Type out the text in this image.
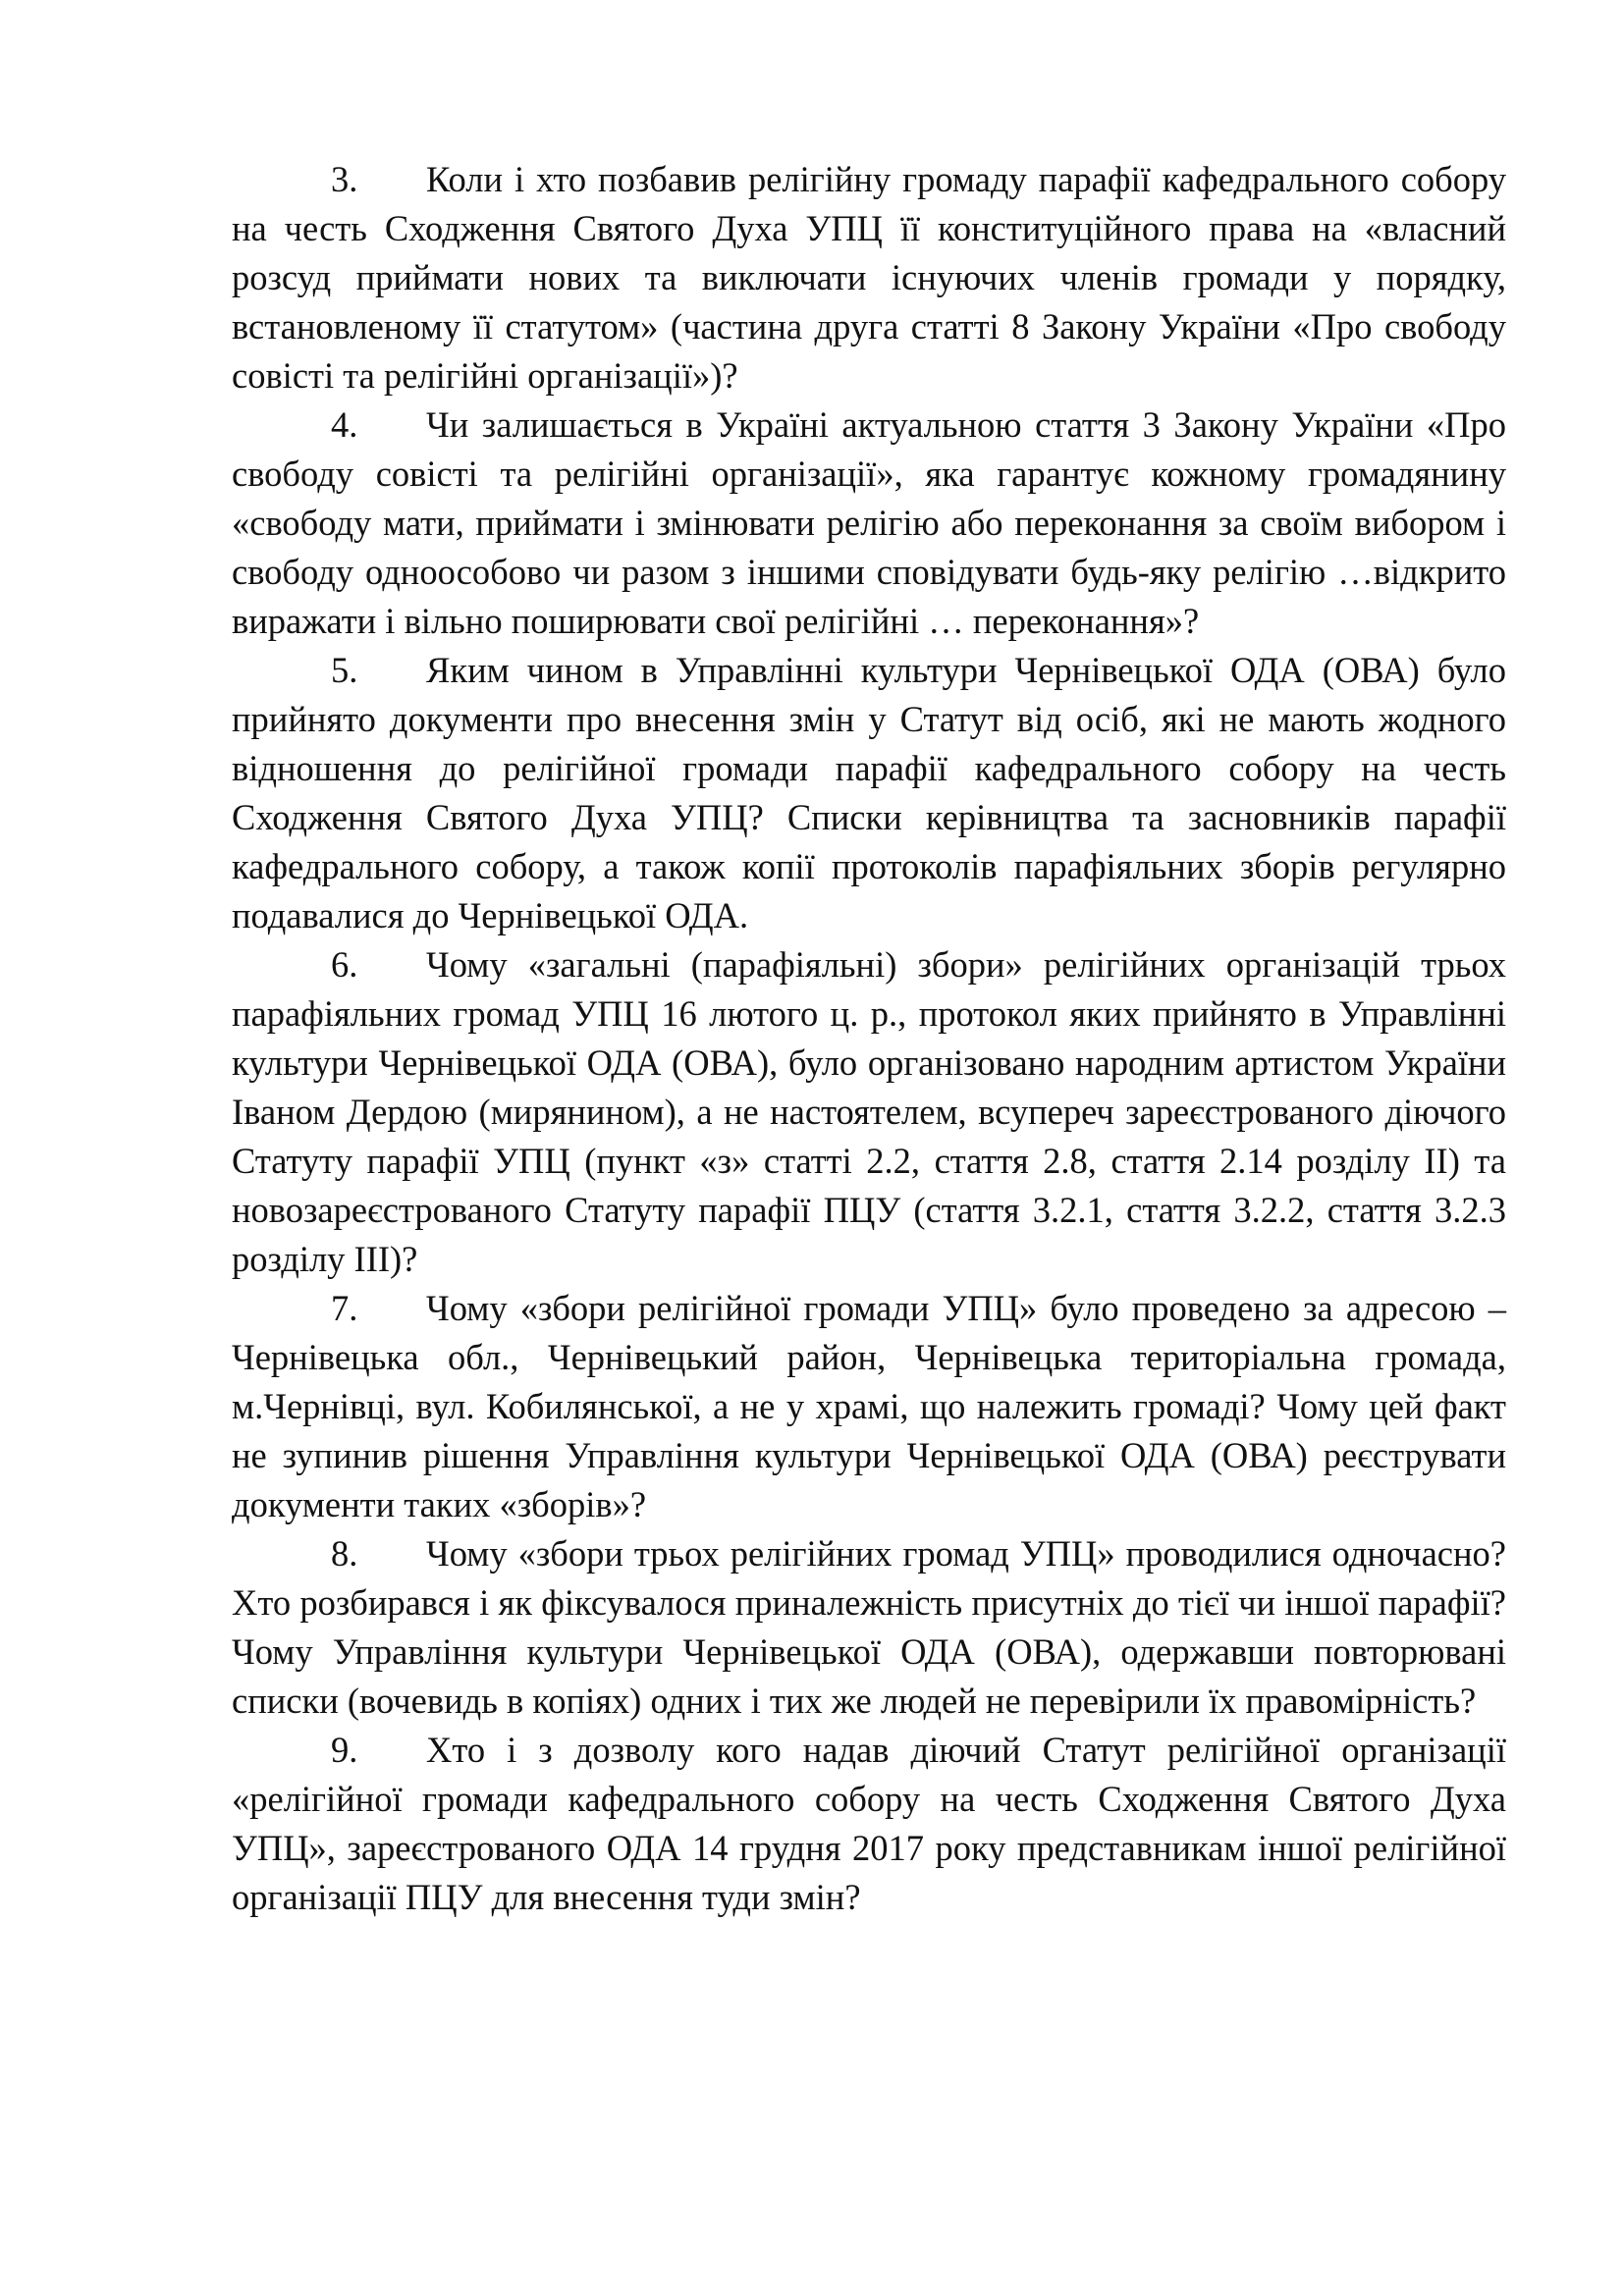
3. Коли і хто позбавив релігійну громаду парафії кафедрального собору на честь Сходження Святого Духа УПЦ її конституційного права на «власний розсуд приймати нових та виключати існуючих членів громади у порядку, встановленому її статутом» (частина друга статті 8 Закону України «Про свободу совісті та релігійні організації»)?

4. Чи залишається в Україні актуальною стаття 3 Закону України «Про свободу совісті та релігійні організації», яка гарантує кожному громадянину «свободу мати, приймати і змінювати релігію або переконання за своїм вибором і свободу одноособово чи разом з іншими сповідувати будь-яку релігію …відкрито виражати і вільно поширювати свої релігійні … переконання»?

5. Яким чином в Управлінні культури Чернівецької ОДА (ОВА) було прийнято документи про внесення змін у Статут від осіб, які не мають жодного відношення до релігійної громади парафії кафедрального собору на честь Сходження Святого Духа УПЦ? Списки керівництва та засновників парафії кафедрального собору, а також копії протоколів парафіяльних зборів регулярно подавалися до Чернівецької ОДА.

6. Чому «загальні (парафіяльні) збори» релігійних організацій трьох парафіяльних громад УПЦ 16 лютого ц. р., протокол яких прийнято в Управлінні культури Чернівецької ОДА (ОВА), було організовано народним артистом України Іваном Дердою (мирянином), а не настоятелем, всупереч зареєстрованого діючого Статуту парафії УПЦ (пункт «з» статті 2.2, стаття 2.8, стаття 2.14 розділу II) та новозареєстрованого Статуту парафії ПЦУ (стаття 3.2.1, стаття 3.2.2, стаття 3.2.3 розділу III)?

7. Чому «збори релігійної громади УПЦ» було проведено за адресою – Чернівецька обл., Чернівецький район, Чернівецька територіальна громада, м.Чернівці, вул. Кобилянської, а не у храмі, що належить громаді? Чому цей факт не зупинив рішення Управління культури Чернівецької ОДА (ОВА) реєструвати документи таких «зборів»?

8. Чому «збори трьох релігійних громад УПЦ» проводилися одночасно? Хто розбирався і як фіксувалося приналежність присутніх до тієї чи іншої парафії? Чому Управління культури Чернівецької ОДА (ОВА), одержавши повторювані списки (вочевидь в копіях) одних і тих же людей не перевірили їх правомірність?

9. Хто і з дозволу кого надав діючий Статут релігійної організації «релігійної громади кафедрального собору на честь Сходження Святого Духа УПЦ», зареєстрованого ОДА 14 грудня 2017 року представникам іншої релігійної організації ПЦУ для внесення туди змін?
